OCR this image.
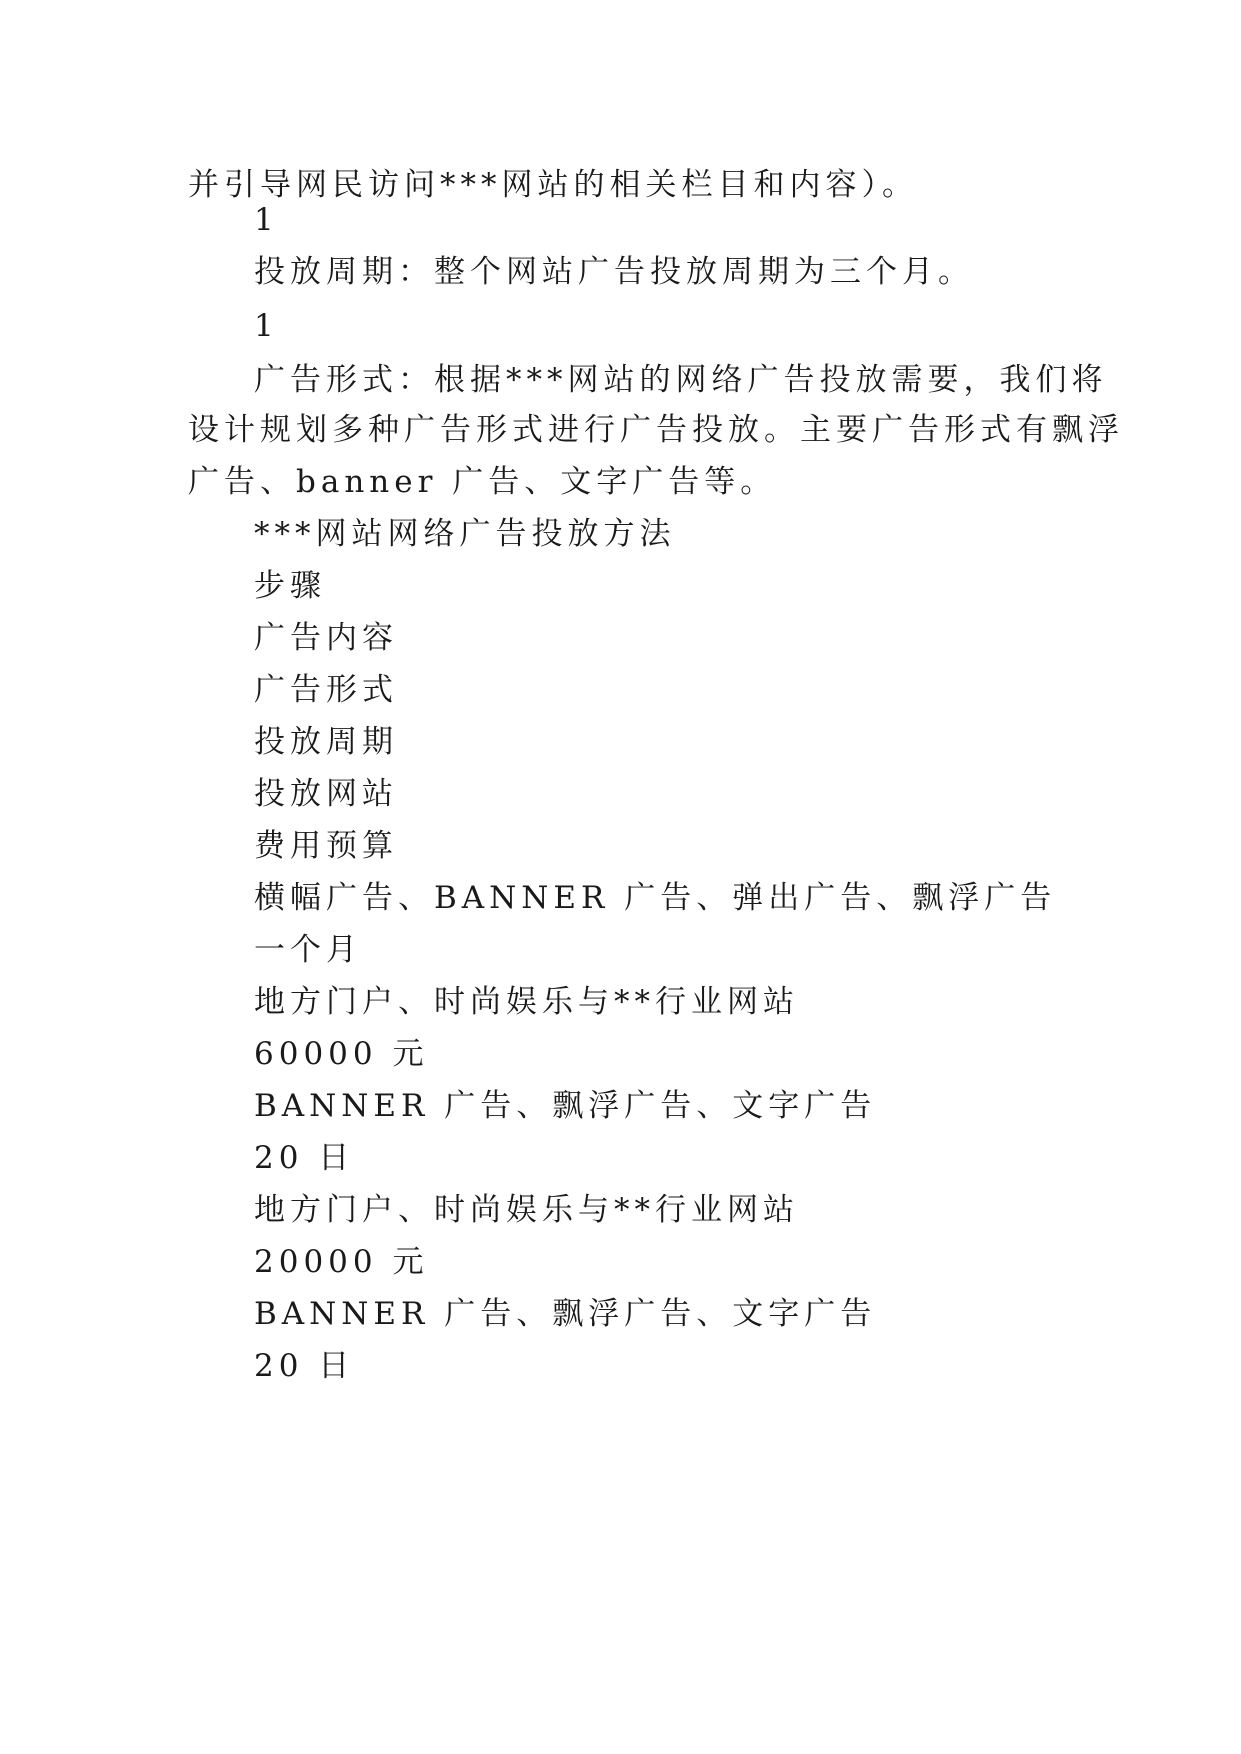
并引导网民访问***网站的相关栏目和内容）。
1
投放周期：整个网站广告投放周期为三个月。
1
广告形式：根据***网站的网络广告投放需要，我们将
设计规划多种广告形式进行广告投放。主要广告形式有飘浮
广告、banner 广告、文字广告等。
***网站网络广告投放方法
步骤
广告内容
广告形式
投放周期
投放网站
费用预算
横幅广告、BANNER 广告、弹出广告、飘浮广告
一个月
地方门户、时尚娱乐与**行业网站
60000 元
BANNER 广告、飘浮广告、文字广告
20 日
地方门户、时尚娱乐与**行业网站
20000 元
BANNER 广告、飘浮广告、文字广告
20 日
